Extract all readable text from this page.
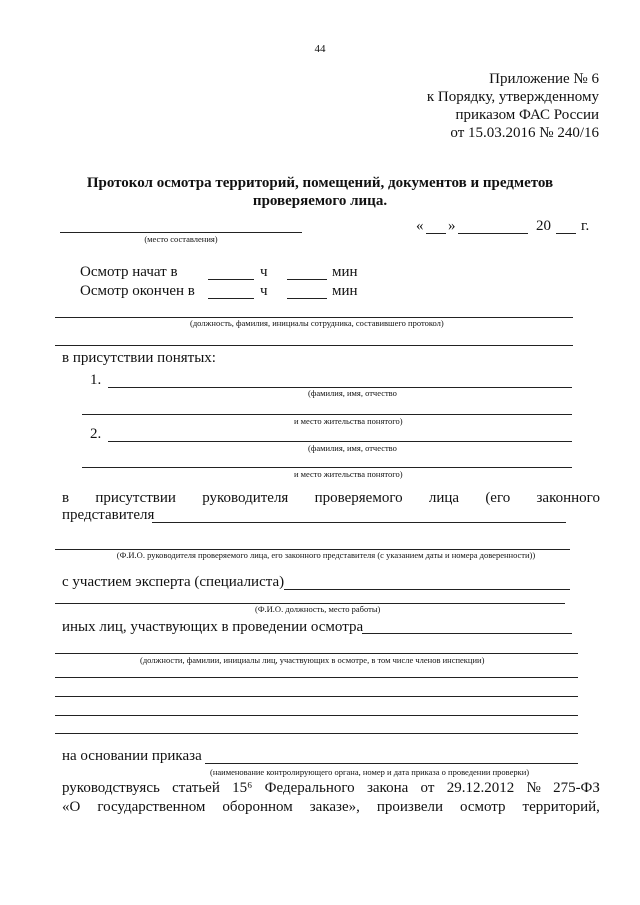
44
Приложение № 6
к Порядку, утвержденному
приказом ФАС России
от 15.03.2016 № 240/16
Протокол осмотра территорий, помещений, документов и предметов
проверяемого лица.
(место составления)
« »	20 г.
Осмотр начат в	ч	мин
Осмотр окончен в	ч	мин
(должность, фамилия, инициалы сотрудника, составившего протокол)
в присутствии понятых:
1.
(фамилия, имя, отчество
и место жительства понятого)
2.
(фамилия, имя, отчество
и место жительства понятого)
в присутствии руководителя проверяемого лица (его законного
представителя
(Ф.И.О. руководителя проверяемого лица, его законного представителя (с указанием даты и номера доверенности))
с участием эксперта (специалиста)
(Ф.И.О. должность, место работы)
иных лиц, участвующих в проведении осмотра
(должности, фамилии, инициалы лиц, участвующих в осмотре, в том числе членов инспекции)
на основании приказа
(наименование контролирующего органа, номер и дата приказа о проведении проверки)
руководствуясь статьей 15⁶ Федерального закона от 29.12.2012 № 275-ФЗ
«О государственном оборонном заказе», произвели осмотр территорий,
